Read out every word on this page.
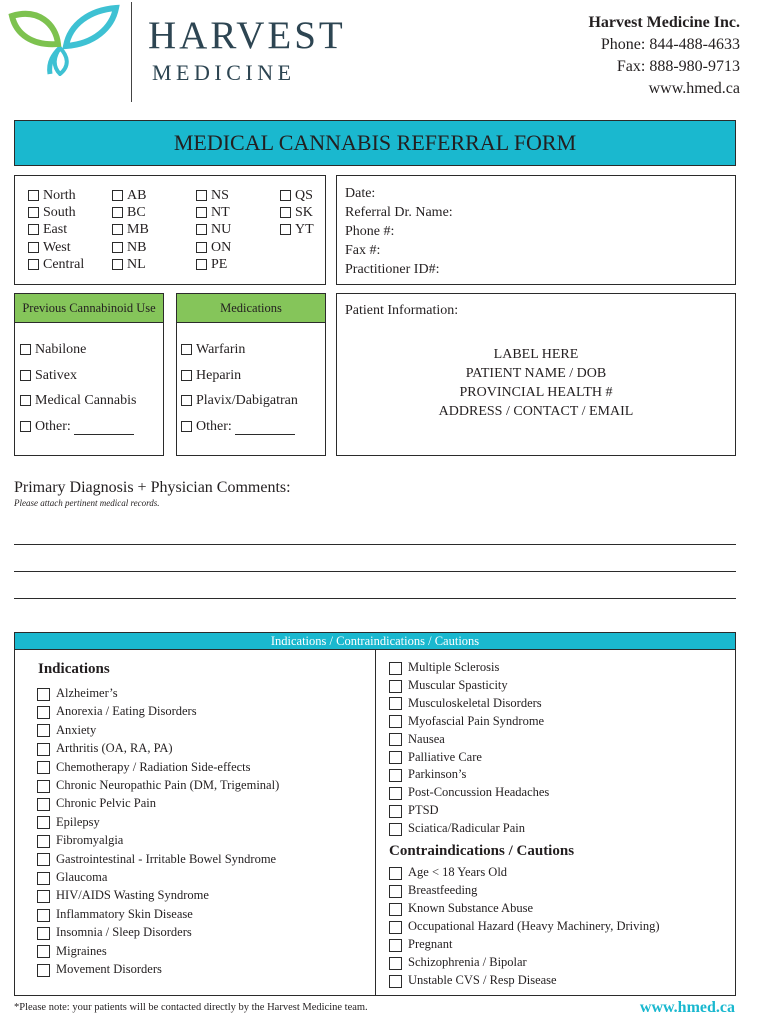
HARVEST
MEDICINE
Harvest Medicine Inc.
Phone: 844-488-4633
Fax: 888-980-9713
www.hmed.ca
MEDICAL CANNABIS REFERRAL FORM
North
South
East
West
Central
AB
BC
MB
NB
NL
NS
NT
NU
ON
PE
QS
SK
YT
Date:
Referral Dr. Name:
Phone #:
Fax #:
Practitioner ID#:
Previous Cannabinoid Use
Nabilone
Sativex
Medical Cannabis
Other:
Medications
Warfarin
Heparin
Plavix/Dabigatran
Other:
Patient Information:
LABEL HERE
PATIENT NAME / DOB
PROVINCIAL HEALTH #
ADDRESS / CONTACT / EMAIL
Primary Diagnosis + Physician Comments:
Please attach pertinent medical records.
Indications / Contraindications / Cautions
Indications
Alzheimer’s
Anorexia / Eating Disorders
Anxiety
Arthritis (OA, RA, PA)
Chemotherapy / Radiation Side-effects
Chronic Neuropathic Pain (DM, Trigeminal)
Chronic Pelvic Pain
Epilepsy
Fibromyalgia
Gastrointestinal - Irritable Bowel Syndrome
Glaucoma
HIV/AIDS Wasting Syndrome
Inflammatory Skin Disease
Insomnia / Sleep Disorders
Migraines
Movement Disorders
Multiple Sclerosis
Muscular Spasticity
Musculoskeletal Disorders
Myofascial Pain Syndrome
Nausea
Palliative Care
Parkinson’s
Post-Concussion Headaches
PTSD
Sciatica/Radicular Pain
Contraindications / Cautions
Age < 18 Years Old
Breastfeeding
Known Substance Abuse
Occupational Hazard (Heavy Machinery, Driving)
Pregnant
Schizophrenia / Bipolar
Unstable CVS / Resp Disease
*Please note: your patients will be contacted directly by the Harvest Medicine team.	www.hmed.ca
